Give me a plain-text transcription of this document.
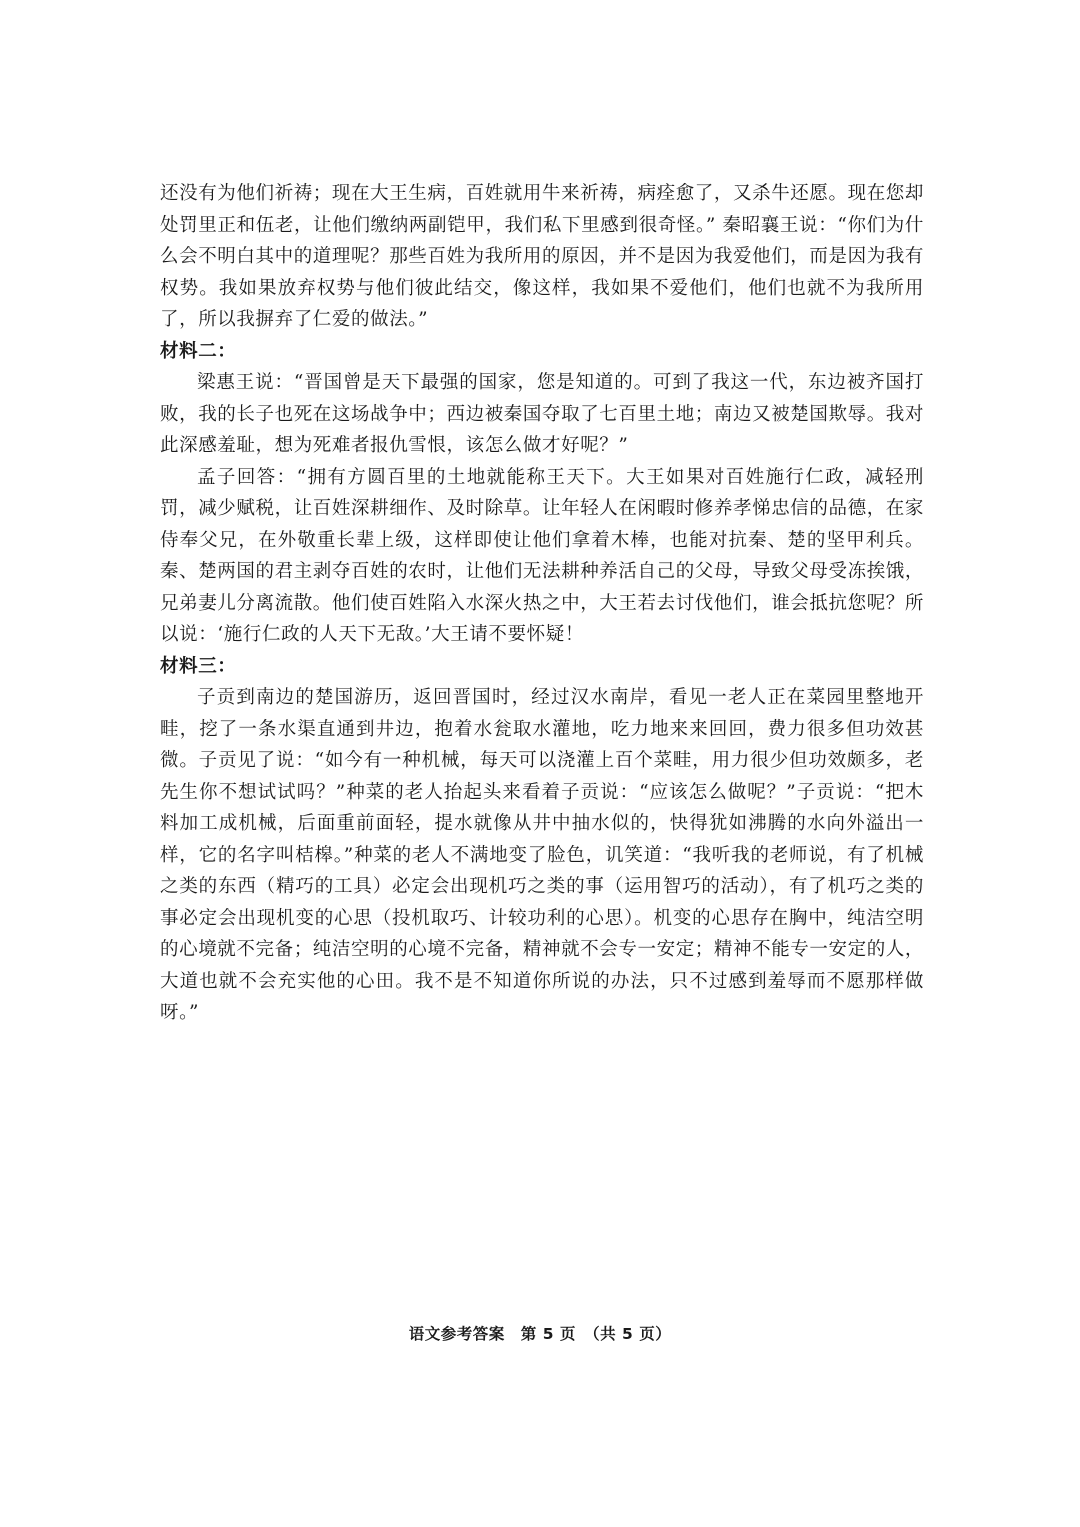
还没有为他们祈祷；现在大王生病，百姓就用牛来祈祷，病痊愈了，又杀牛还愿。现在您却处罚里正和伍老，让他们缴纳两副铠甲，我们私下里感到很奇怪。” 秦昭襄王说：“你们为什么会不明白其中的道理呢？那些百姓为我所用的原因，并不是因为我爱他们，而是因为我有权势。我如果放弃权势与他们彼此结交，像这样，我如果不爱他们，他们也就不为我所用了，所以我摒弃了仁爱的做法。”

材料二：

梁惠王说：“晋国曾是天下最强的国家，您是知道的。可到了我这一代，东边被齐国打败，我的长子也死在这场战争中；西边被秦国夺取了七百里土地；南边又被楚国欺辱。我对此深感羞耻，想为死难者报仇雪恨，该怎么做才好呢？”

孟子回答：“拥有方圆百里的土地就能称王天下。大王如果对百姓施行仁政，减轻刑罚，减少赋税，让百姓深耕细作、及时除草。让年轻人在闲暇时修养孝悌忠信的品德，在家侍奉父兄，在外敬重长辈上级，这样即使让他们拿着木棒，也能对抗秦、楚的坚甲利兵。秦、楚两国的君主剥夺百姓的农时，让他们无法耕种养活自己的父母，导致父母受冻挨饿，兄弟妻儿分离流散。他们使百姓陷入水深火热之中，大王若去讨伐他们，谁会抵抗您呢？所以说：‘施行仁政的人天下无敌。’大王请不要怀疑！

材料三：

子贡到南边的楚国游历，返回晋国时，经过汉水南岸，看见一老人正在菜园里整地开畦，挖了一条水渠直通到井边，抱着水瓮取水灌地，吃力地来来回回，费力很多但功效甚微。子贡见了说：“如今有一种机械，每天可以浇灌上百个菜畦，用力很少但功效颇多，老先生你不想试试吗？”种菜的老人抬起头来看着子贡说：“应该怎么做呢？”子贡说：“把木料加工成机械，后面重前面轻，提水就像从井中抽水似的，快得犹如沸腾的水向外溢出一样，它的名字叫桔槔。”种菜的老人不满地变了脸色，讥笑道：“我听我的老师说，有了机械之类的东西（精巧的工具）必定会出现机巧之类的事（运用智巧的活动），有了机巧之类的事必定会出现机变的心思（投机取巧、计较功利的心思）。机变的心思存在胸中，纯洁空明的心境就不完备；纯洁空明的心境不完备，精神就不会专一安定；精神不能专一安定的人，大道也就不会充实他的心田。我不是不知道你所说的办法，只不过感到羞辱而不愿那样做呀。”

语文参考答案　第 5 页　（共 5 页）
